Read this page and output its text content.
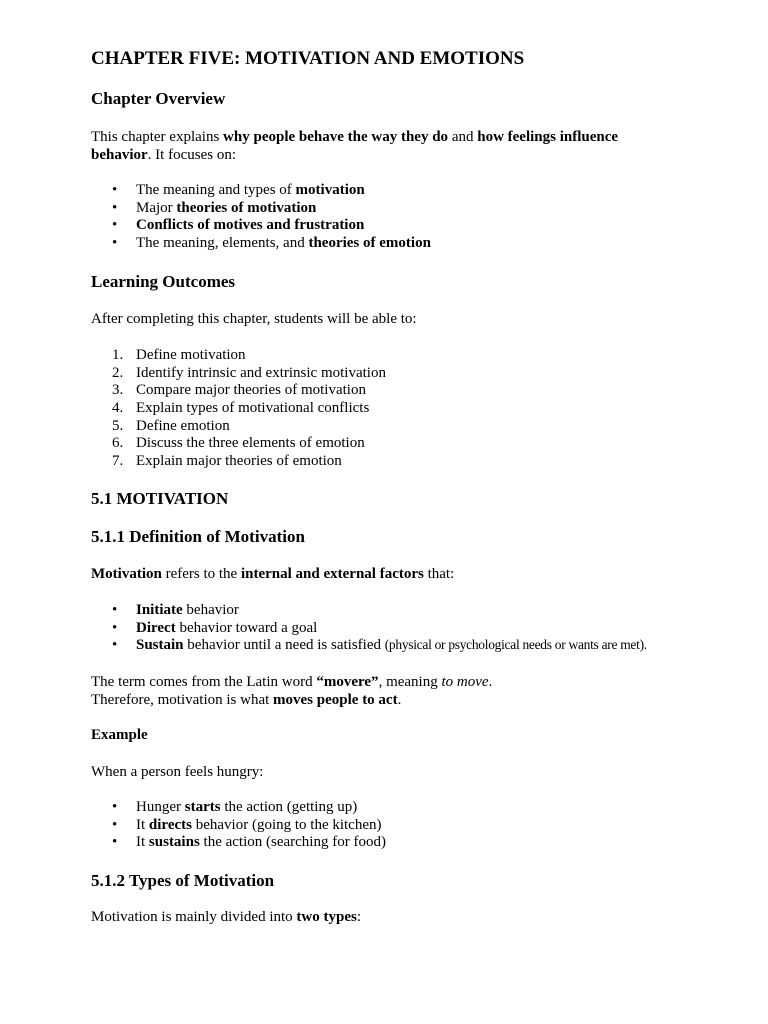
CHAPTER FIVE: MOTIVATION AND EMOTIONS
Chapter Overview

This chapter explains why people behave the way they do and how feelings influence
behavior. It focuses on:

• The meaning and types of motivation
• Major theories of motivation
• Conflicts of motives and frustration
• The meaning, elements, and theories of emotion
Learning Outcomes

After completing this chapter, students will be able to:

1. Define motivation
2. Identify intrinsic and extrinsic motivation
3. Compare major theories of motivation
4. Explain types of motivational conflicts
5. Define emotion
6. Discuss the three elements of emotion
7. Explain major theories of emotion
5.1 MOTIVATION
5.1.1 Definition of Motivation

Motivation refers to the internal and external factors that:

• Initiate behavior
• Direct behavior toward a goal
• Sustain behavior until a need is satisfied (physical or psychological needs or wants are met).

The term comes from the Latin word “movere”, meaning to move.
Therefore, motivation is what moves people to act.

Example

When a person feels hungry:

• Hunger starts the action (getting up)
• It directs behavior (going to the kitchen)
• It sustains the action (searching for food)
5.1.2 Types of Motivation

Motivation is mainly divided into two types:
